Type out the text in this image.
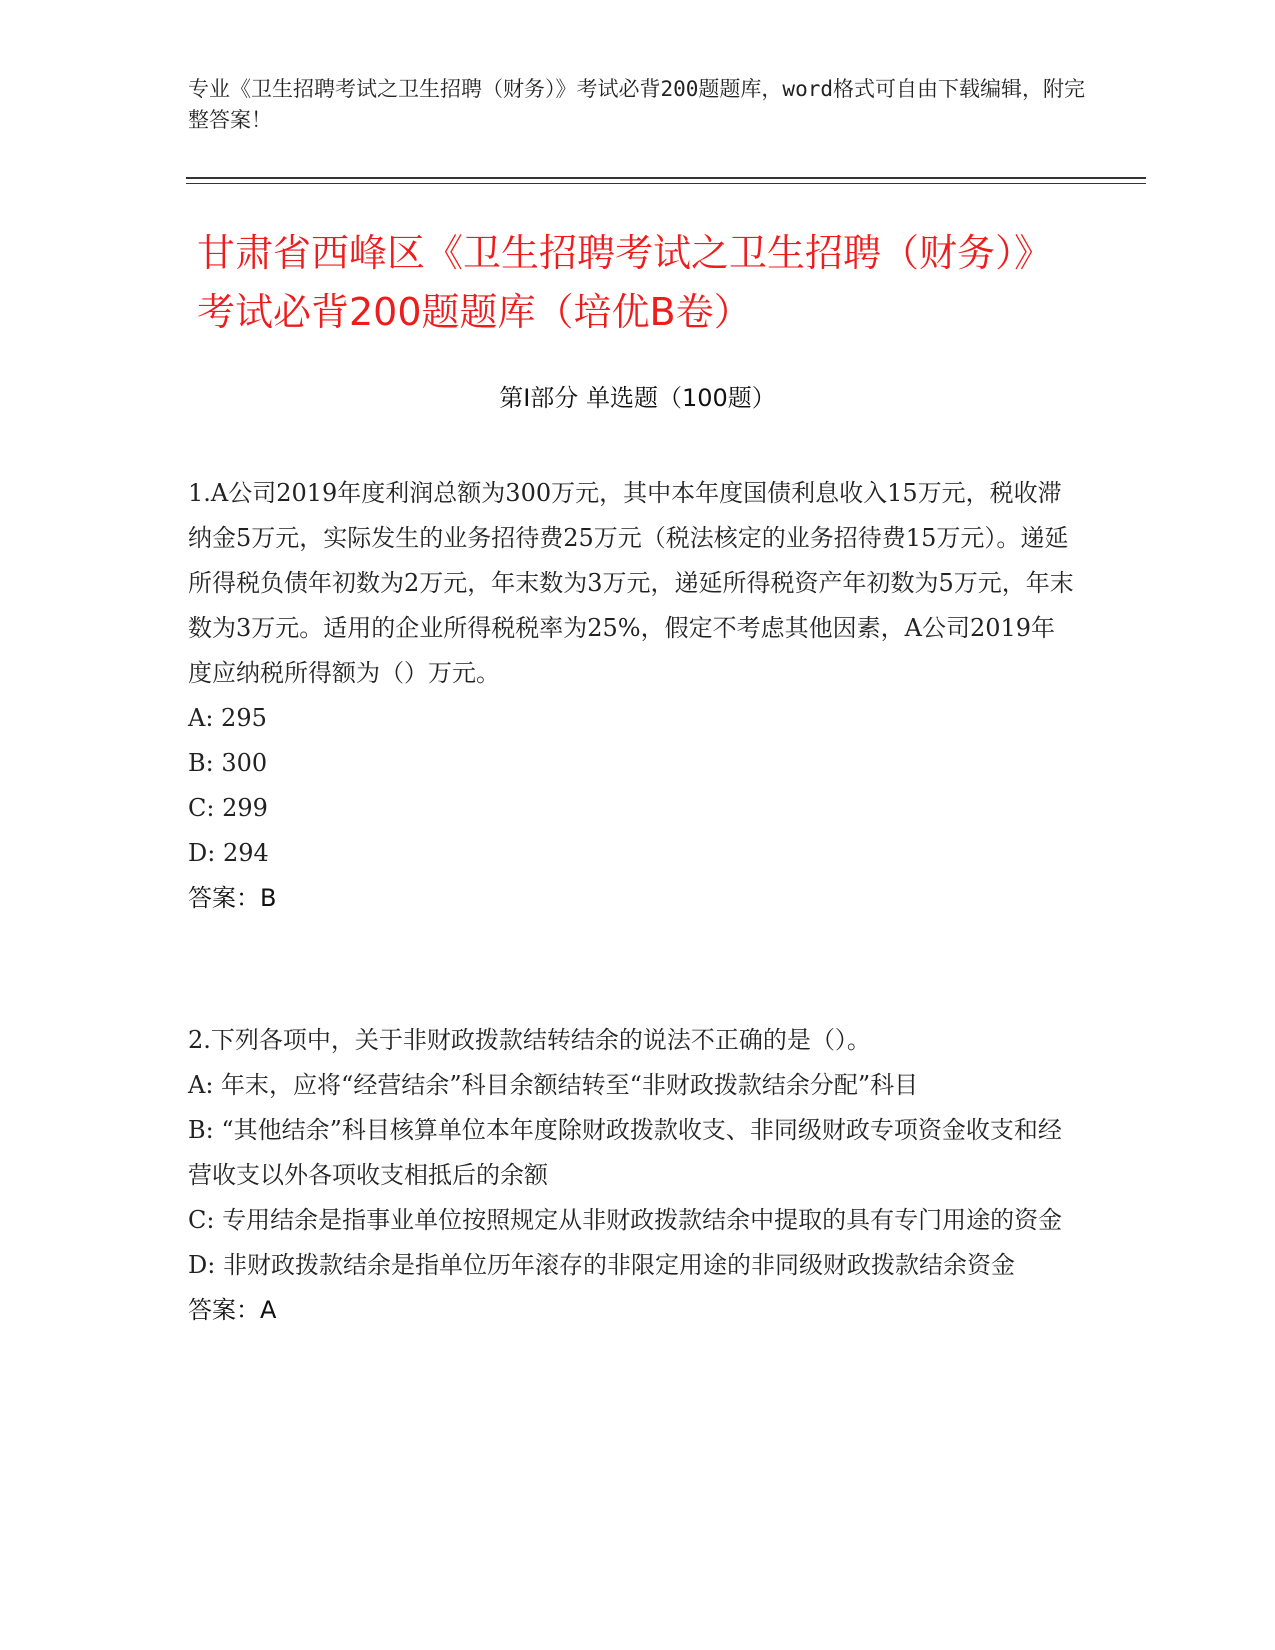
专业《卫生招聘考试之卫生招聘（财务）》考试必背200题题库，word格式可自由下载编辑，附完整答案！
甘肃省西峰区《卫生招聘考试之卫生招聘（财务）》考试必背200题题库（培优B卷）
第I部分 单选题（100题）

1.A公司2019年度利润总额为300万元，其中本年度国债利息收入15万元，税收滞纳金5万元，实际发生的业务招待费25万元（税法核定的业务招待费15万元）。递延所得税负债年初数为2万元，年末数为3万元，递延所得税资产年初数为5万元，年末数为3万元。适用的企业所得税税率为25%，假定不考虑其他因素，A公司2019年度应纳税所得额为（）万元。

A: 295

B: 300

C: 299

D: 294

答案：B

2.下列各项中，关于非财政拨款结转结余的说法不正确的是（）。

A: 年末，应将“经营结余”科目余额结转至“非财政拨款结余分配”科目

B: “其他结余”科目核算单位本年度除财政拨款收支、非同级财政专项资金收支和经营收支以外各项收支相抵后的余额

C: 专用结余是指事业单位按照规定从非财政拨款结余中提取的具有专门用途的资金

D: 非财政拨款结余是指单位历年滚存的非限定用途的非同级财政拨款结余资金

答案：A
